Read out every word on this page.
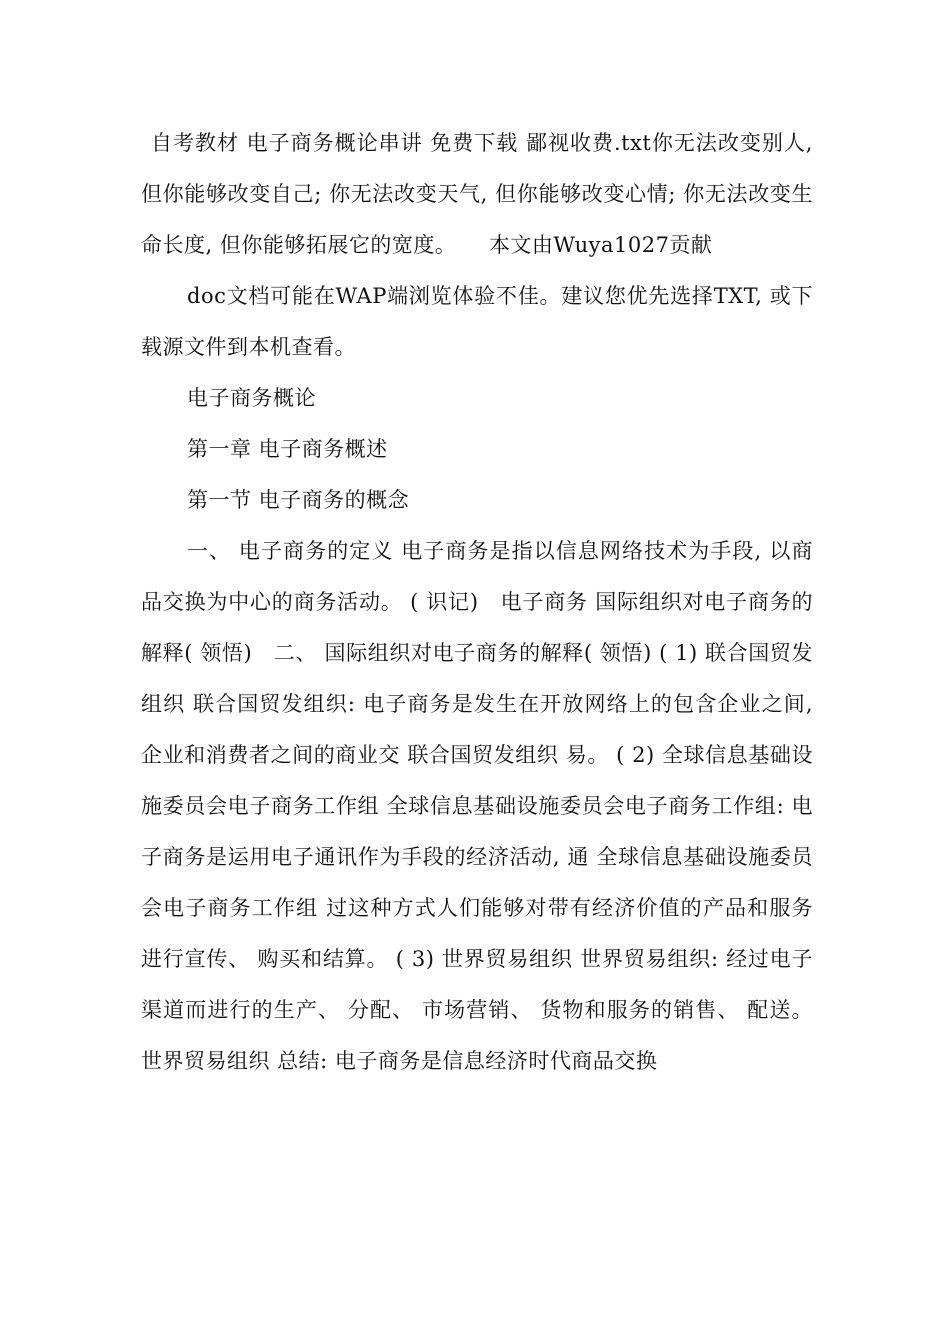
自考教材 电子商务概论串讲 免费下载 鄙视收费.txt你无法改变别人, 但你能够改变自己; 你无法改变天气, 但你能够改变心情; 你无法改变生命长度, 但你能够拓展它的宽度。　　本文由Wuya1027贡献

doc文档可能在WAP端浏览体验不佳。建议您优先选择TXT, 或下载源文件到本机查看。

电子商务概论

第一章 电子商务概述

第一节 电子商务的概念

一、 电子商务的定义 电子商务是指以信息网络技术为手段, 以商品交换为中心的商务活动。 ( 识记)　电子商务 国际组织对电子商务的解释( 领悟)　二、 国际组织对电子商务的解释( 领悟) ( 1) 联合国贸发组织 联合国贸发组织: 电子商务是发生在开放网络上的包含企业之间, 企业和消费者之间的商业交 联合国贸发组织 易。 ( 2) 全球信息基础设施委员会电子商务工作组 全球信息基础设施委员会电子商务工作组: 电子商务是运用电子通讯作为手段的经济活动, 通 全球信息基础设施委员会电子商务工作组 过这种方式人们能够对带有经济价值的产品和服务进行宣传、 购买和结算。 ( 3) 世界贸易组织 世界贸易组织: 经过电子渠道而进行的生产、 分配、 市场营销、 货物和服务的销售、 配送。 世界贸易组织 总结: 电子商务是信息经济时代商品交换
